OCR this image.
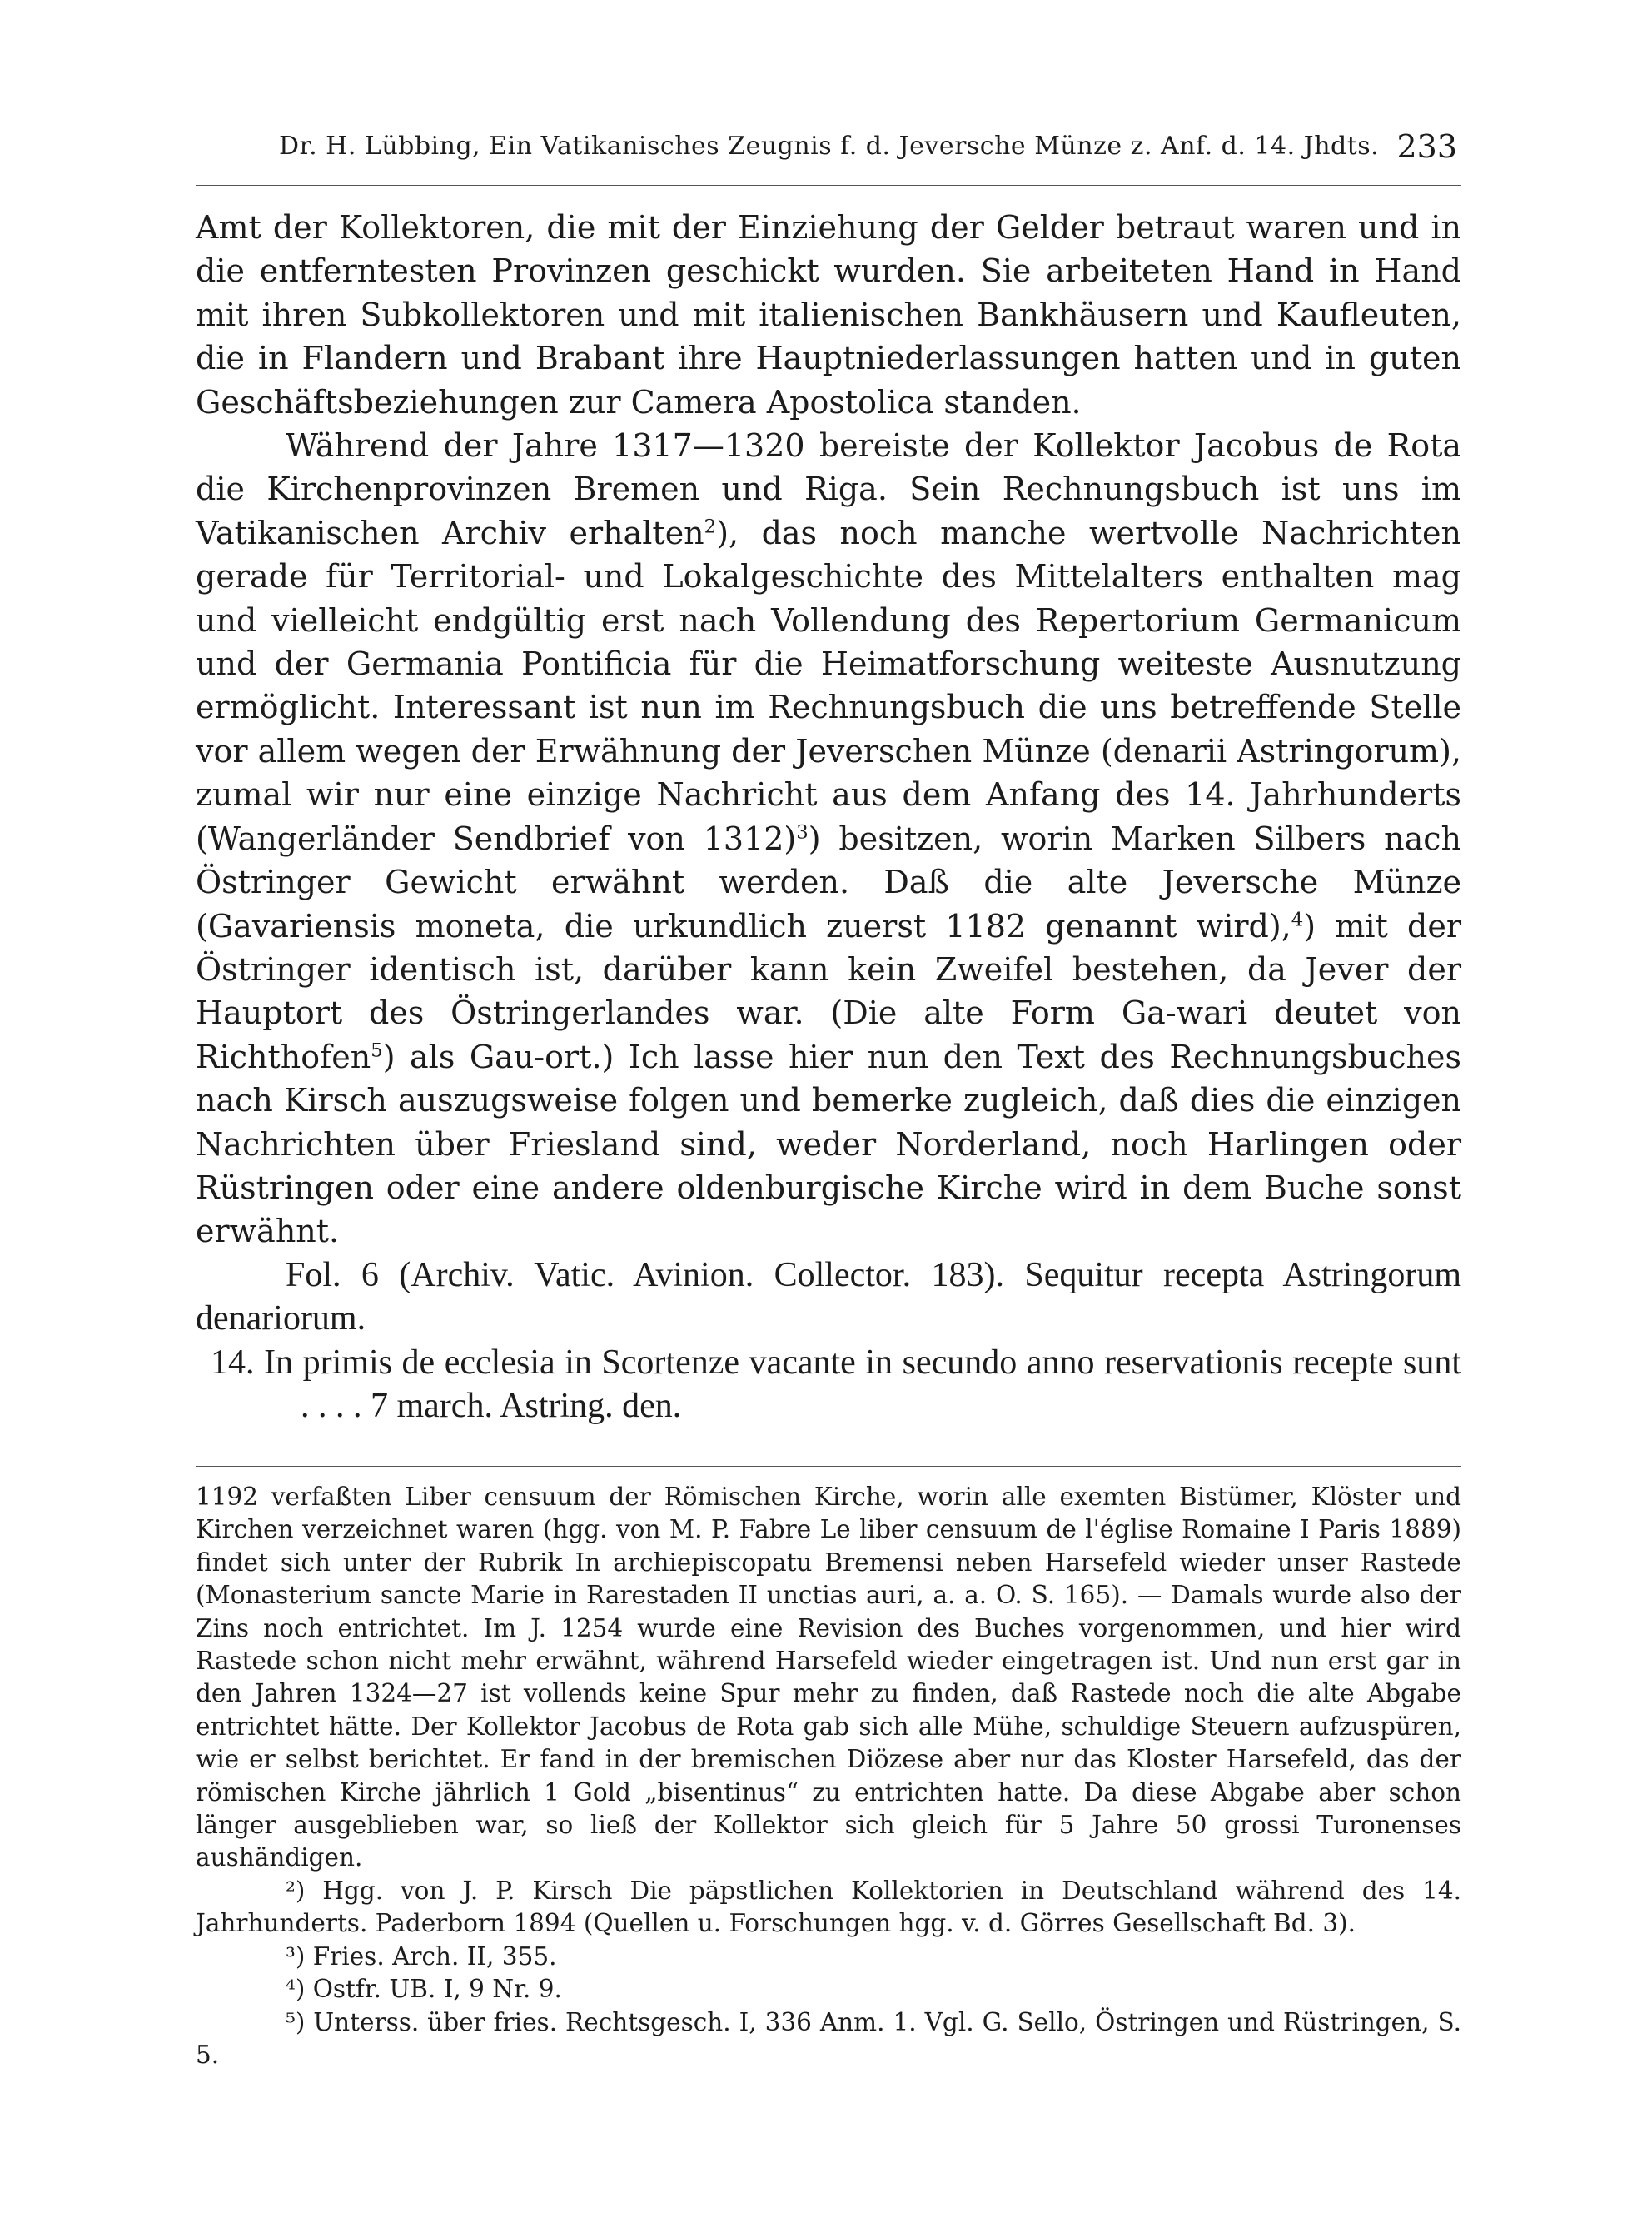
Dr. H. Lübbing, Ein Vatikanisches Zeugnis f. d. Jeversche Münze z. Anf. d. 14. Jhdts. 233

Amt der Kollektoren, die mit der Einziehung der Gelder betraut waren und in die entferntesten Provinzen geschickt wurden. Sie arbeiteten Hand in Hand mit ihren Subkollektoren und mit italienischen Bankhäusern und Kaufleuten, die in Flandern und Brabant ihre Hauptniederlassungen hatten und in guten Geschäftsbeziehungen zur Camera Apostolica standen.

Während der Jahre 1317—1320 bereiste der Kollektor Jacobus de Rota die Kirchenprovinzen Bremen und Riga. Sein Rechnungsbuch ist uns im Vatikanischen Archiv erhalten$^2$), das noch manche wertvolle Nachrichten gerade für Territorial- und Lokalgeschichte des Mittelalters enthalten mag und vielleicht endgültig erst nach Vollendung des Repertorium Germanicum und der Germania Pontificia für die Heimatforschung weiteste Ausnutzung ermöglicht. Interessant ist nun im Rechnungsbuch die uns betreffende Stelle vor allem wegen der Erwähnung der Jeverschen Münze (denarii Astringorum), zumal wir nur eine einzige Nachricht aus dem Anfang des 14. Jahrhunderts (Wangerländer Sendbrief von 1312)$^3$) besitzen, worin Marken Silbers nach Östringer Gewicht erwähnt werden. Daß die alte Jeversche Münze (Gavariensis moneta, die urkundlich zuerst 1182 genannt wird),$^4$) mit der Östringer identisch ist, darüber kann kein Zweifel bestehen, da Jever der Hauptort des Östringerlandes war. (Die alte Form Ga-wari deutet von Richthofen$^5$) als Gau-ort.) Ich lasse hier nun den Text des Rechnungsbuches nach Kirsch auszugsweise folgen und bemerke zugleich, daß dies die einzigen Nachrichten über Friesland sind, weder Norderland, noch Harlingen oder Rüstringen oder eine andere oldenburgische Kirche wird in dem Buche sonst erwähnt.

Fol. 6 (Archiv. Vatic. Avinion. Collector. 183). Sequitur recepta Astringorum denariorum.

14. In primis de ecclesia in Scortenze vacante in secundo anno reservationis recepte sunt . . . . 7 march. Astring. den.

1192 verfaßten Liber censuum der Römischen Kirche, worin alle exemten Bistümer, Klöster und Kirchen verzeichnet waren (hgg. von M. P. Fabre Le liber censuum de l'église Romaine I Paris 1889) findet sich unter der Rubrik In archiepiscopatu Bremensi neben Harsefeld wieder unser Rastede (Monasterium sancte Marie in Rarestaden II unctias auri, a. a. O. S. 165). — Damals wurde also der Zins noch entrichtet. Im J. 1254 wurde eine Revision des Buches vorgenommen, und hier wird Rastede schon nicht mehr erwähnt, während Harsefeld wieder eingetragen ist. Und nun erst gar in den Jahren 1324—27 ist vollends keine Spur mehr zu finden, daß Rastede noch die alte Abgabe entrichtet hätte. Der Kollektor Jacobus de Rota gab sich alle Mühe, schuldige Steuern aufzuspüren, wie er selbst berichtet. Er fand in der bremischen Diözese aber nur das Kloster Harsefeld, das der römischen Kirche jährlich 1 Gold „bisentinus“ zu entrichten hatte. Da diese Abgabe aber schon länger ausgeblieben war, so ließ der Kollektor sich gleich für 5 Jahre 50 grossi Turonenses aushändigen.

²) Hgg. von J. P. Kirsch Die päpstlichen Kollektorien in Deutschland während des 14. Jahrhunderts. Paderborn 1894 (Quellen u. Forschungen hgg. v. d. Görres Gesellschaft Bd. 3).

³) Fries. Arch. II, 355.

⁴) Ostfr. UB. I, 9 Nr. 9.

⁵) Unterss. über fries. Rechtsgesch. I, 336 Anm. 1. Vgl. G. Sello, Östringen und Rüstringen, S. 5.
